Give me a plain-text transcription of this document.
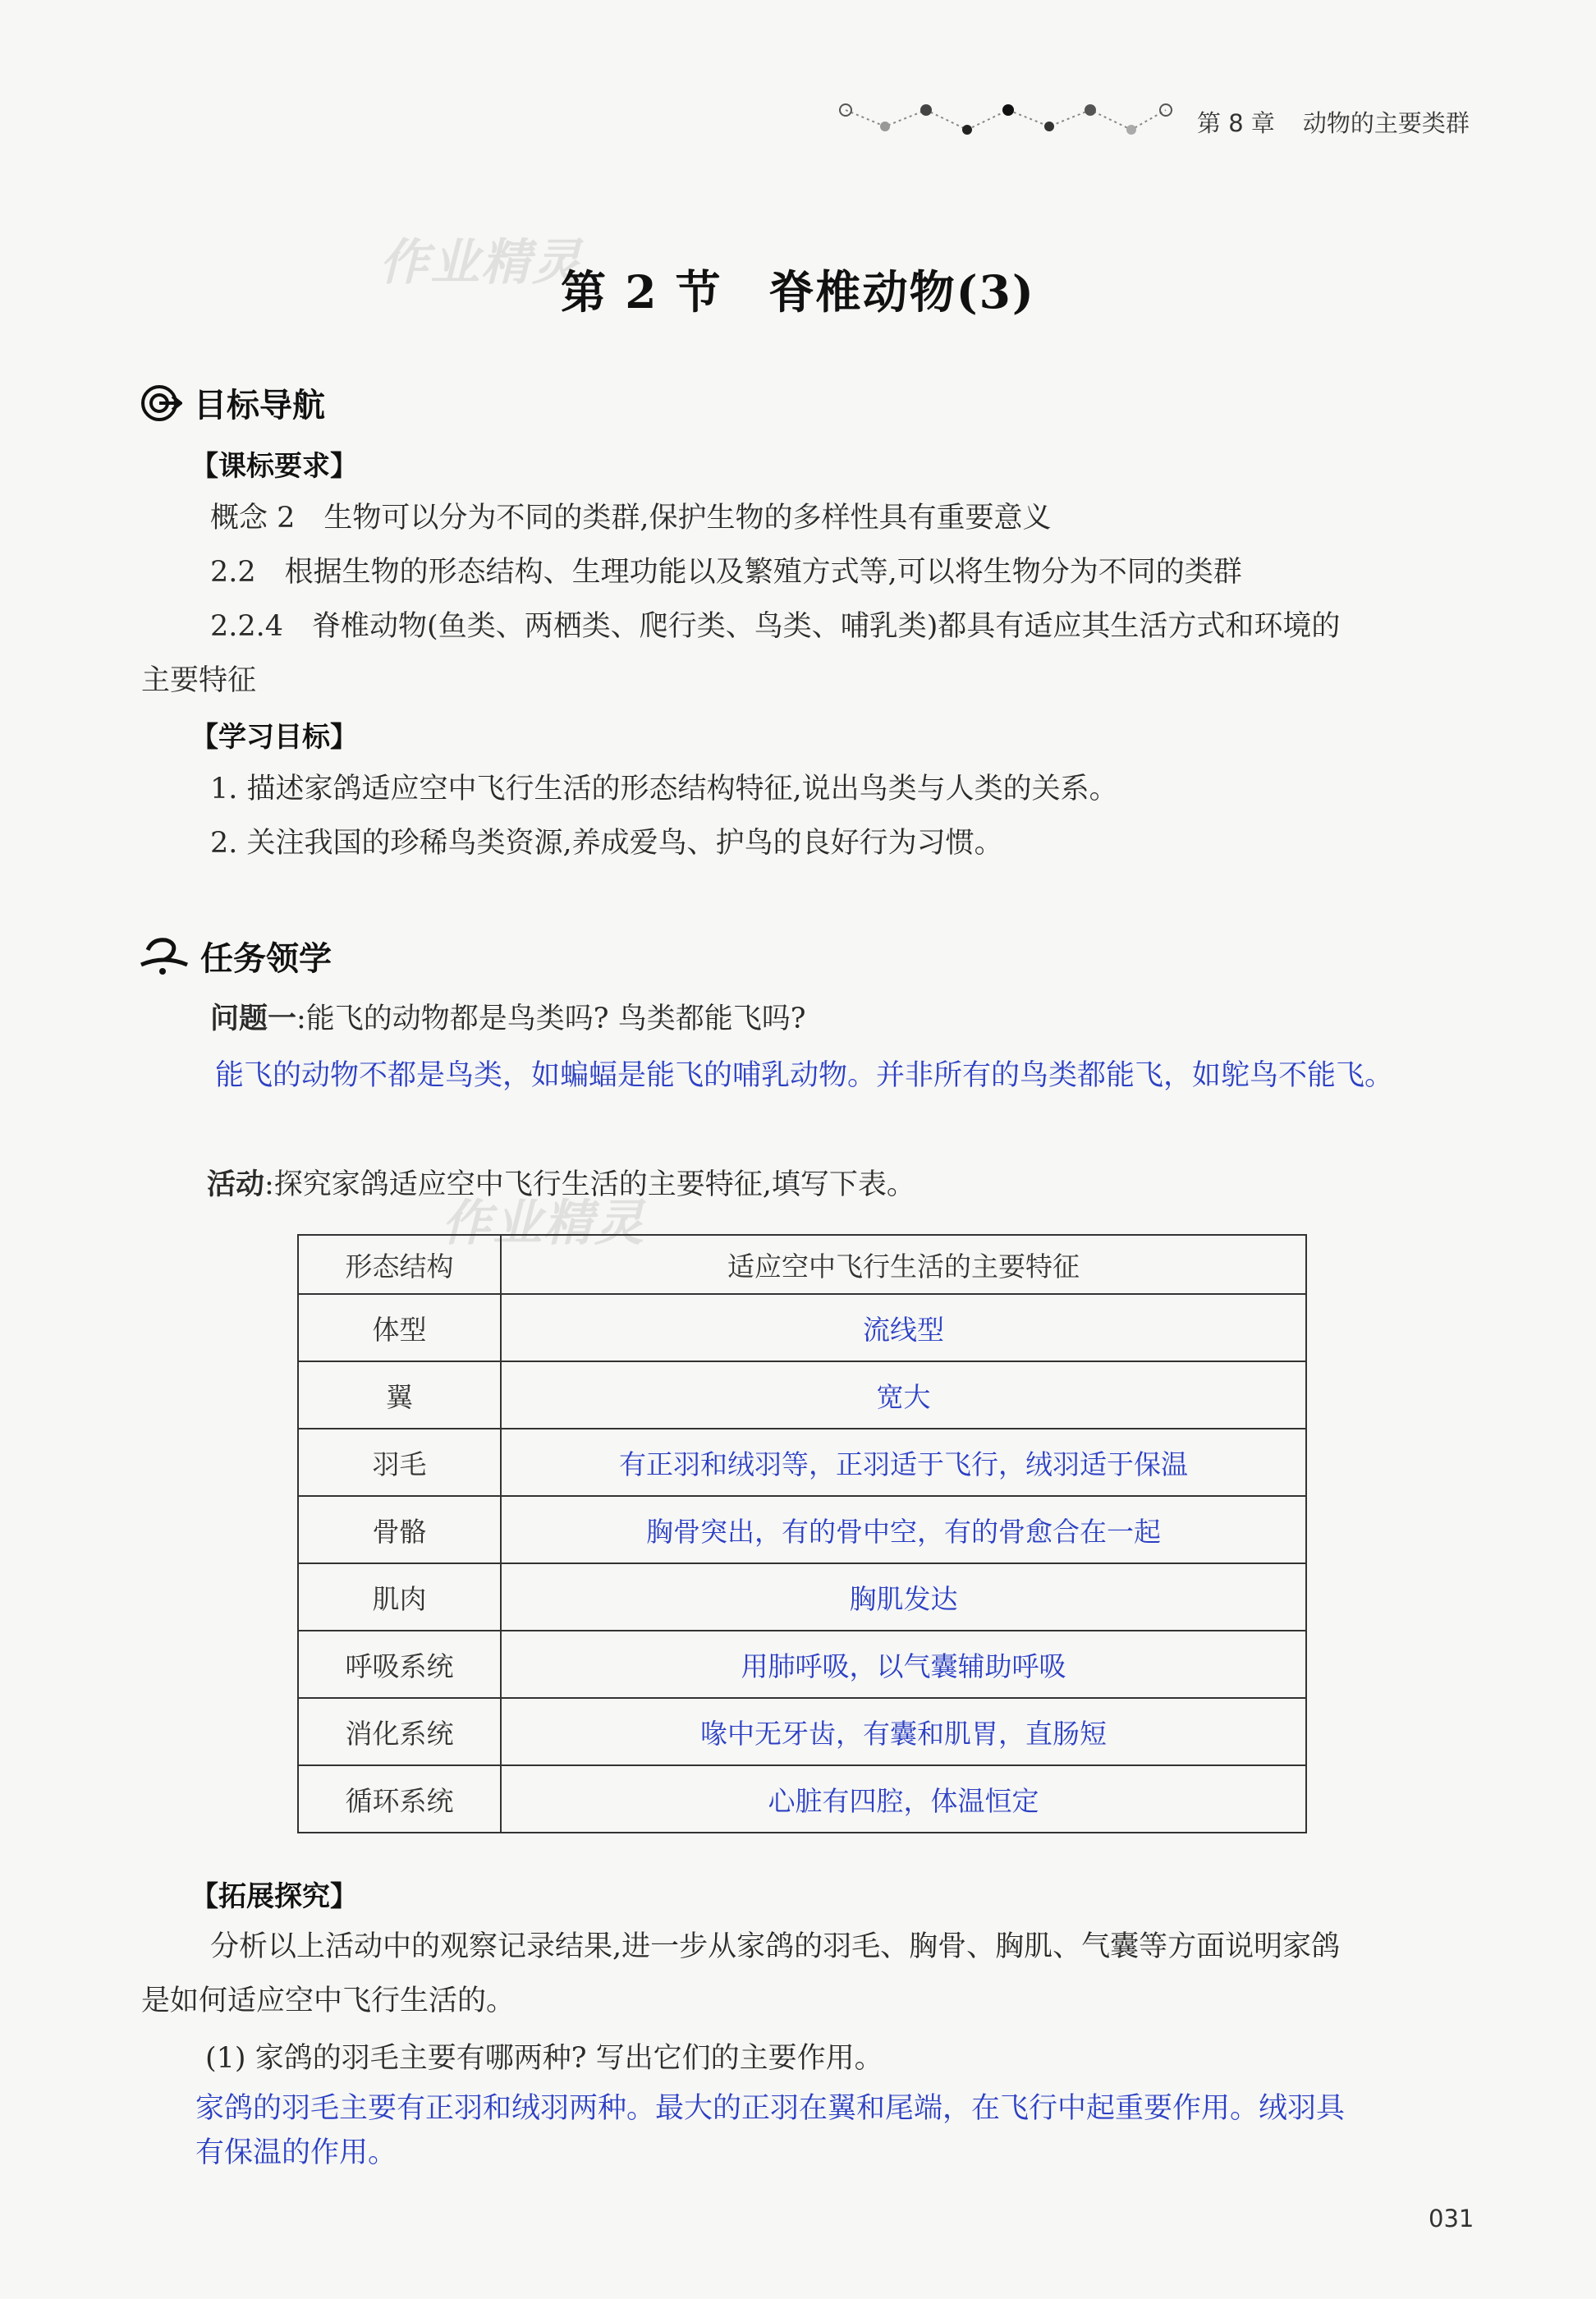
第 8 章 动物的主要类群
作业精灵
作业精灵
第 2 节　脊椎动物(3)
目标导航
【课标要求】
概念 2　生物可以分为不同的类群,保护生物的多样性具有重要意义
2.2　根据生物的形态结构、生理功能以及繁殖方式等,可以将生物分为不同的类群
2.2.4　脊椎动物(鱼类、两栖类、爬行类、鸟类、哺乳类)都具有适应其生活方式和环境的
主要特征
【学习目标】
1. 描述家鸽适应空中飞行生活的形态结构特征,说出鸟类与人类的关系。
2. 关注我国的珍稀鸟类资源,养成爱鸟、护鸟的良好行为习惯。
任务领学
问题一:能飞的动物都是鸟类吗? 鸟类都能飞吗?
能飞的动物不都是鸟类，如蝙蝠是能飞的哺乳动物。并非所有的鸟类都能飞，如鸵鸟不能飞。
活动:探究家鸽适应空中飞行生活的主要特征,填写下表。
形态结构	适应空中飞行生活的主要特征
体型	流线型
翼	宽大
羽毛	有正羽和绒羽等，正羽适于飞行，绒羽适于保温
骨骼	胸骨突出，有的骨中空，有的骨愈合在一起
肌肉	胸肌发达
呼吸系统	用肺呼吸，以气囊辅助呼吸
消化系统	喙中无牙齿，有囊和肌胃，直肠短
循环系统	心脏有四腔，体温恒定
【拓展探究】
分析以上活动中的观察记录结果,进一步从家鸽的羽毛、胸骨、胸肌、气囊等方面说明家鸽
是如何适应空中飞行生活的。
(1) 家鸽的羽毛主要有哪两种? 写出它们的主要作用。
家鸽的羽毛主要有正羽和绒羽两种。最大的正羽在翼和尾端，在飞行中起重要作用。绒羽具
有保温的作用。
031
